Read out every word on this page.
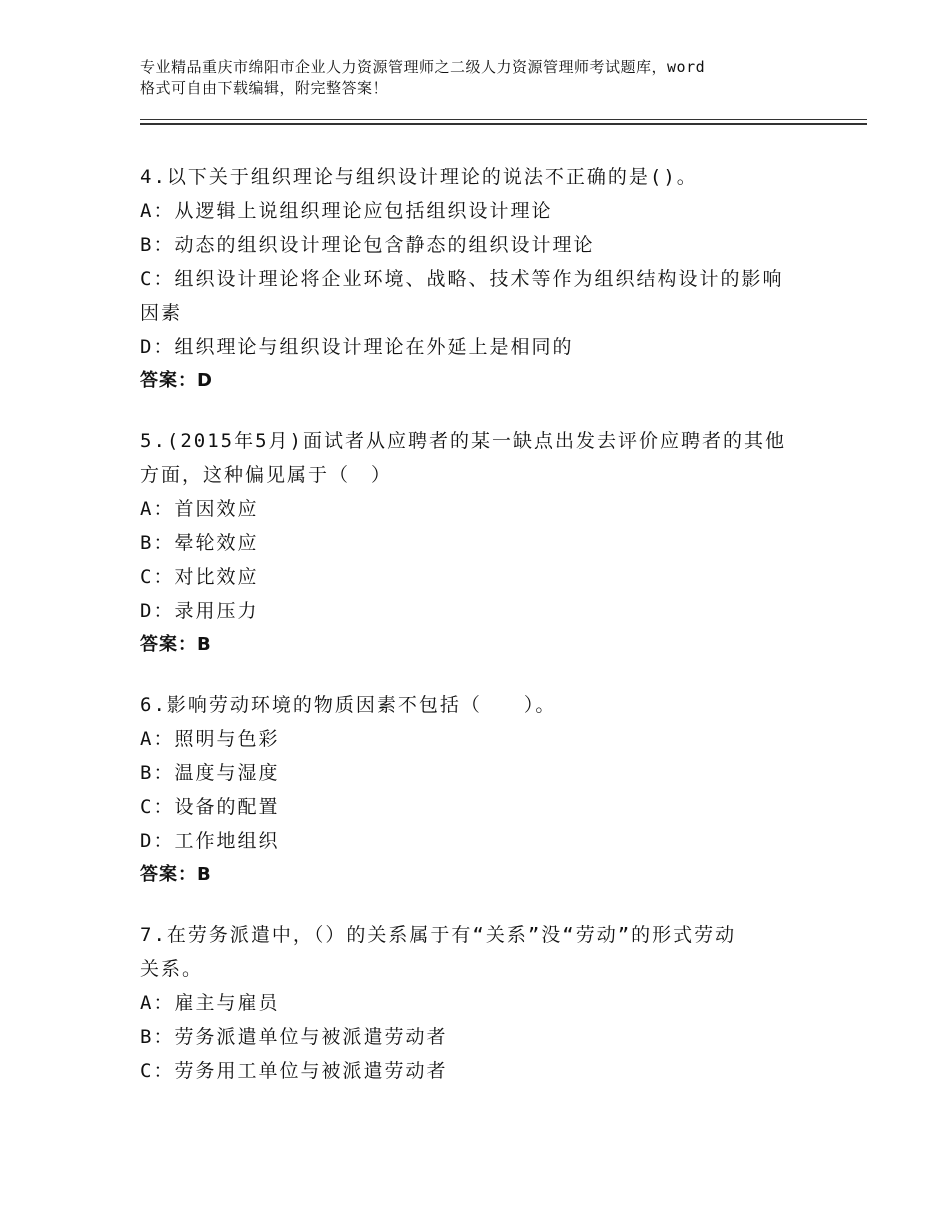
专业精品重庆市绵阳市企业人力资源管理师之二级人力资源管理师考试题库，word
格式可自由下载编辑，附完整答案！
4.以下关于组织理论与组织设计理论的说法不正确的是()。
A：从逻辑上说组织理论应包括组织设计理论
B：动态的组织设计理论包含静态的组织设计理论
C：组织设计理论将企业环境、战略、技术等作为组织结构设计的影响
因素
D：组织理论与组织设计理论在外延上是相同的
答案：D
5.(2015年5月)面试者从应聘者的某一缺点出发去评价应聘者的其他
方面，这种偏见属于（　）
A：首因效应
B：晕轮效应
C：对比效应
D：录用压力
答案：B
6.影响劳动环境的物质因素不包括（　　）。
A：照明与色彩
B：温度与湿度
C：设备的配置
D：工作地组织
答案：B
7.在劳务派遣中，（）的关系属于有“关系”没“劳动”的形式劳动
关系。
A：雇主与雇员
B：劳务派遣单位与被派遣劳动者
C：劳务用工单位与被派遣劳动者
